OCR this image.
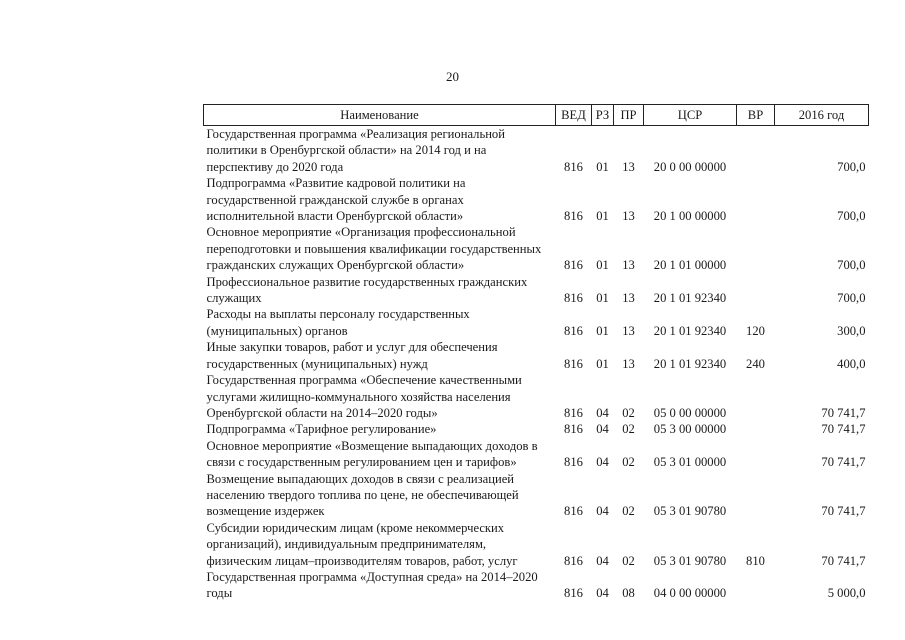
20
Наименование	ВЕД	РЗ	ПР	ЦСР	ВР	2016 год
Государственная программа «Реализация региональной политики в Оренбургской области» на 2014 год и на перспективу до 2020 года	816	01	13	20 0 00 00000		700,0
Подпрограмма «Развитие кадровой политики на государственной гражданской службе в органах исполнительной власти Оренбургской области»	816	01	13	20 1 00 00000		700,0
Основное мероприятие «Организация профессиональной переподготовки и повышения квалификации государственных гражданских служащих Оренбургской области»	816	01	13	20 1 01 00000		700,0
Профессиональное развитие государственных гражданских служащих	816	01	13	20 1 01 92340		700,0
Расходы на выплаты персоналу государственных (муниципальных) органов	816	01	13	20 1 01 92340	120	300,0
Иные закупки товаров, работ и услуг для обеспечения государственных (муниципальных) нужд	816	01	13	20 1 01 92340	240	400,0
Государственная программа «Обеспечение качественными услугами жилищно-коммунального хозяйства населения Оренбургской области на 2014–2020 годы»	816	04	02	05 0 00 00000		70 741,7
Подпрограмма «Тарифное регулирование»	816	04	02	05 3 00 00000		70 741,7
Основное мероприятие «Возмещение выпадающих доходов в связи с государственным регулированием цен и тарифов»	816	04	02	05 3 01 00000		70 741,7
Возмещение выпадающих доходов в связи с реализацией населению твердого топлива по цене, не обеспечивающей возмещение издержек	816	04	02	05 3 01 90780		70 741,7
Субсидии юридическим лицам (кроме некоммерческих организаций), индивидуальным предпринимателям, физическим лицам–производителям товаров, работ, услуг	816	04	02	05 3 01 90780	810	70 741,7
Государственная программа «Доступная среда» на 2014–2020 годы	816	04	08	04 0 00 00000		5 000,0
